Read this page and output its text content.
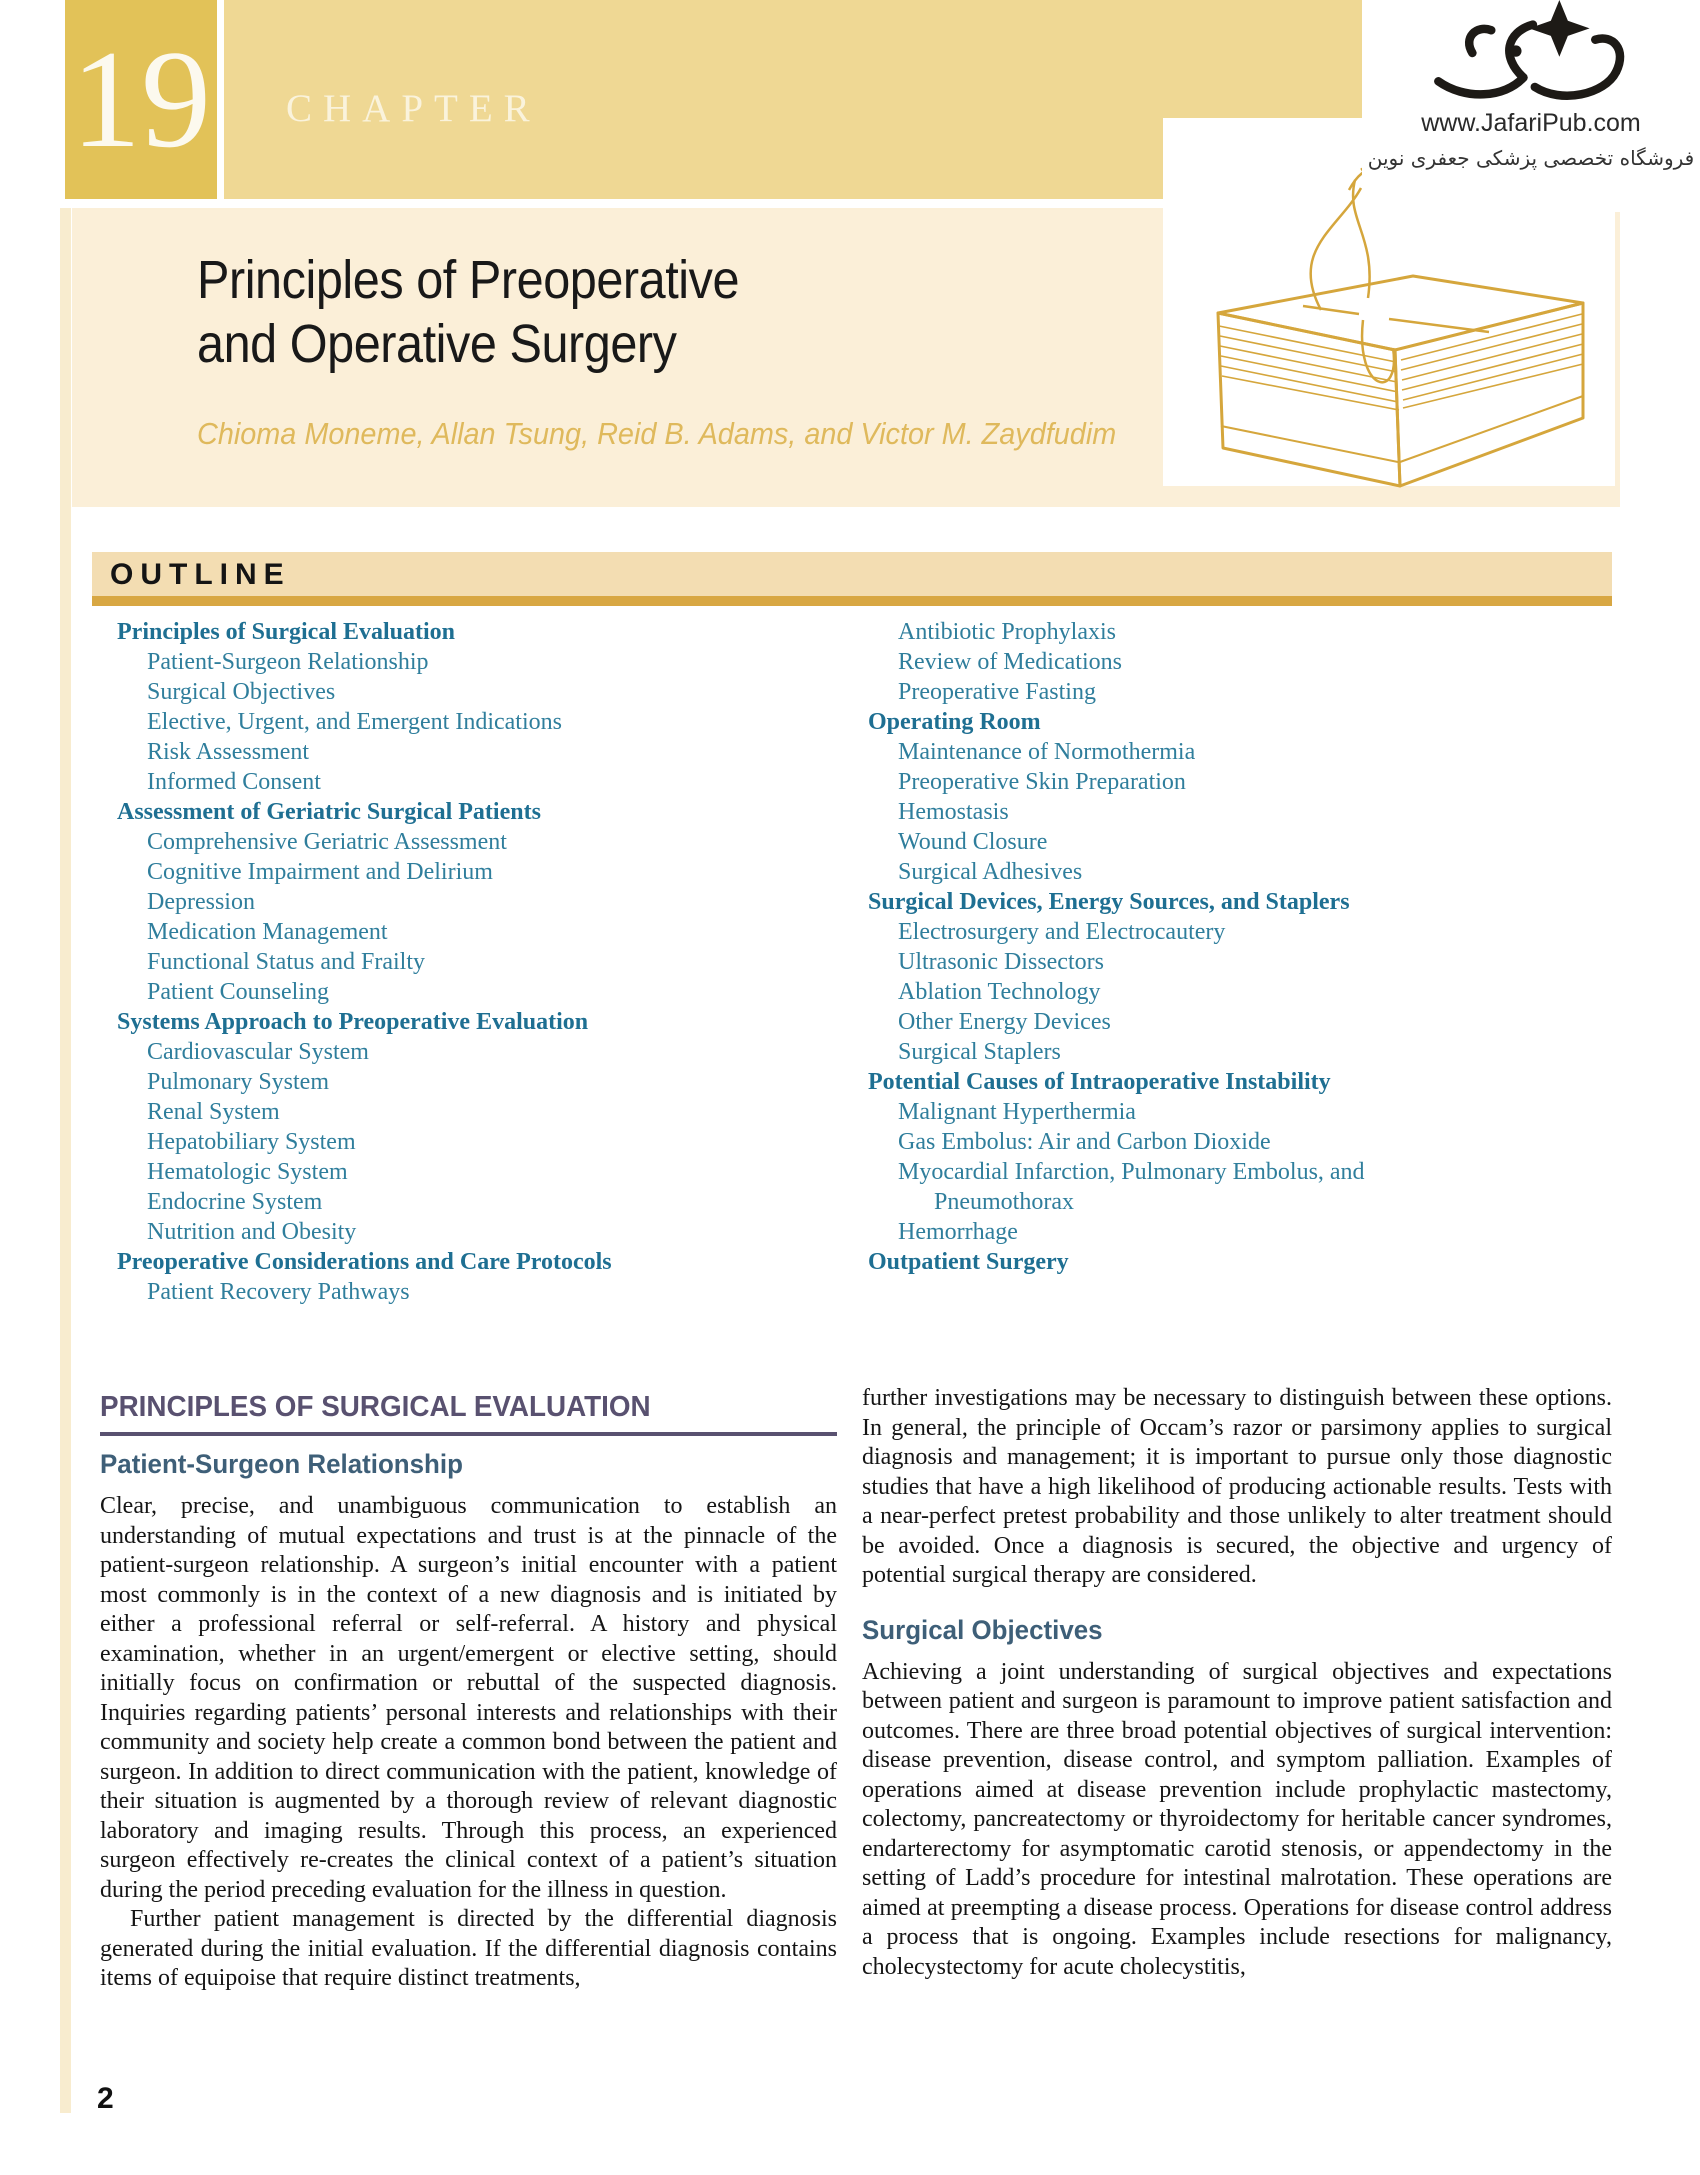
19 CHAPTER	www.JafariPub.com
فروشگاه تخصصی پزشکی جعفری نوین
Principles of Preoperative
and Operative Surgery
Chioma Moneme, Allan Tsung, Reid B. Adams, and Victor M. Zaydfudim
OUTLINE
Principles of Surgical Evaluation
Patient-Surgeon Relationship
Surgical Objectives
Elective, Urgent, and Emergent Indications
Risk Assessment
Informed Consent
Assessment of Geriatric Surgical Patients
Comprehensive Geriatric Assessment
Cognitive Impairment and Delirium
Depression
Medication Management
Functional Status and Frailty
Patient Counseling
Systems Approach to Preoperative Evaluation
Cardiovascular System
Pulmonary System
Renal System
Hepatobiliary System
Hematologic System
Endocrine System
Nutrition and Obesity
Preoperative Considerations and Care Protocols
Patient Recovery Pathways
Antibiotic Prophylaxis
Review of Medications
Preoperative Fasting
Operating Room
Maintenance of Normothermia
Preoperative Skin Preparation
Hemostasis
Wound Closure
Surgical Adhesives
Surgical Devices, Energy Sources, and Staplers
Electrosurgery and Electrocautery
Ultrasonic Dissectors
Ablation Technology
Other Energy Devices
Surgical Staplers
Potential Causes of Intraoperative Instability
Malignant Hyperthermia
Gas Embolus: Air and Carbon Dioxide
Myocardial Infarction, Pulmonary Embolus, and
Pneumothorax
Hemorrhage
Outpatient Surgery
PRINCIPLES OF SURGICAL EVALUATION
Patient-Surgeon Relationship

Clear, precise, and unambiguous communication to establish an understanding of mutual expectations and trust is at the pinnacle of the patient-surgeon relationship. A surgeon’s initial encounter with a patient most commonly is in the context of a new diagnosis and is initiated by either a professional referral or self-referral. A history and physical examination, whether in an urgent/emergent or elective setting, should initially focus on confirmation or rebuttal of the suspected diagnosis. Inquiries regarding patients’ personal interests and relationships with their community and society help create a common bond between the patient and surgeon. In addition to direct communication with the patient, knowledge of their situation is augmented by a thorough review of relevant diagnostic laboratory and imaging results. Through this process, an experienced surgeon effectively re-creates the clinical context of a patient’s situation during the period preceding evaluation for the illness in question.

Further patient management is directed by the differential diagnosis generated during the initial evaluation. If the differential diagnosis contains items of equipoise that require distinct treatments,

further investigations may be necessary to distinguish between these options. In general, the principle of Occam’s razor or parsimony applies to surgical diagnosis and management; it is important to pursue only those diagnostic studies that have a high likelihood of producing actionable results. Tests with a near-perfect pretest probability and those unlikely to alter treatment should be avoided. Once a diagnosis is secured, the objective and urgency of potential surgical therapy are considered.

Surgical Objectives

Achieving a joint understanding of surgical objectives and expectations between patient and surgeon is paramount to improve patient satisfaction and outcomes. There are three broad potential objectives of surgical intervention: disease prevention, disease control, and symptom palliation. Examples of operations aimed at disease prevention include prophylactic mastectomy, colectomy, pancreatectomy or thyroidectomy for heritable cancer syndromes, endarterectomy for asymptomatic carotid stenosis, or appendectomy in the setting of Ladd’s procedure for intestinal malrotation. These operations are aimed at preempting a disease process. Operations for disease control address a process that is ongoing. Examples include resections for malignancy, cholecystectomy for acute cholecystitis,

2
